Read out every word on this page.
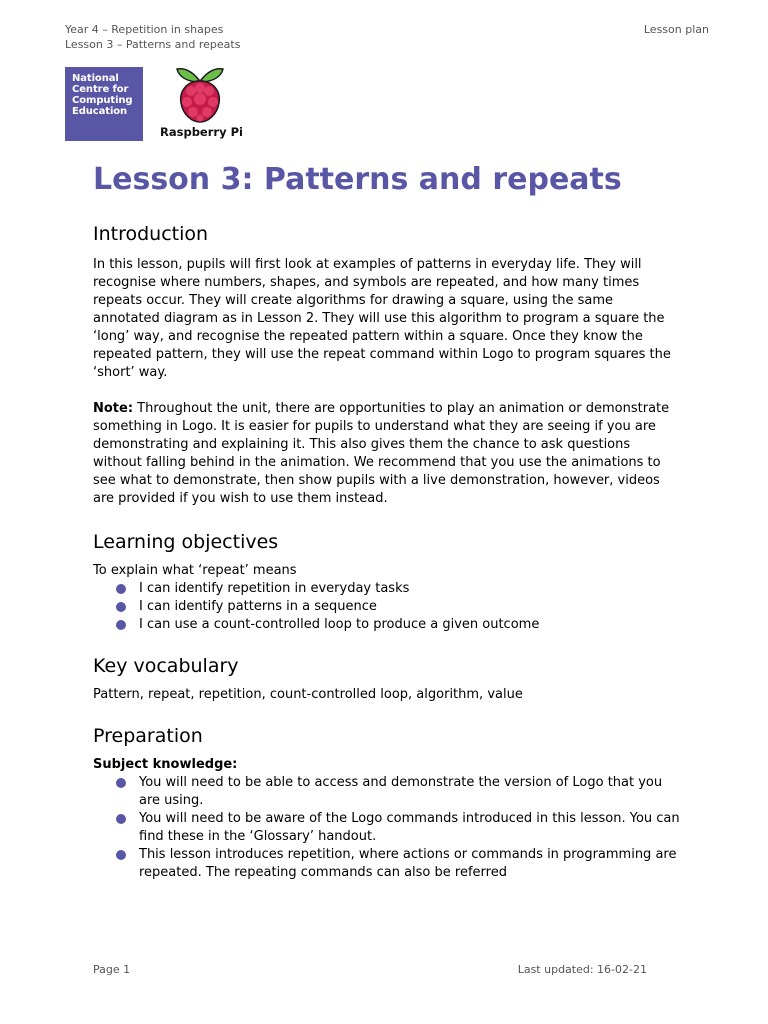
Year 4 – Repetition in shapes
Lesson 3 – Patterns and repeats
Lesson plan
National
Centre for
Computing
Education
Raspberry Pi
Lesson 3: Patterns and repeats
Introduction

In this lesson, pupils will first look at examples of patterns in everyday life. They will recognise where numbers, shapes, and symbols are repeated, and how many times repeats occur. They will create algorithms for drawing a square, using the same annotated diagram as in Lesson 2. They will use this algorithm to program a square the ‘long’ way, and recognise the repeated pattern within a square. Once they know the repeated pattern, they will use the repeat command within Logo to program squares the ‘short’ way.

Note: Throughout the unit, there are opportunities to play an animation or demonstrate something in Logo. It is easier for pupils to understand what they are seeing if you are demonstrating and explaining it. This also gives them the chance to ask questions without falling behind in the animation. We recommend that you use the animations to see what to demonstrate, then show pupils with a live demonstration, however, videos are provided if you wish to use them instead.

Learning objectives

To explain what ‘repeat’ means

I can identify repetition in everyday tasks
I can identify patterns in a sequence
I can use a count-controlled loop to produce a given outcome
Key vocabulary

Pattern, repeat, repetition, count-controlled loop, algorithm, value

Preparation

Subject knowledge:

You will need to be able to access and demonstrate the version of Logo that you are using.
You will need to be aware of the Logo commands introduced in this lesson. You can find these in the ‘Glossary’ handout.
This lesson introduces repetition, where actions or commands in programming are repeated. The repeating commands can also be referred
Page 1	Last updated: 16-02-21
